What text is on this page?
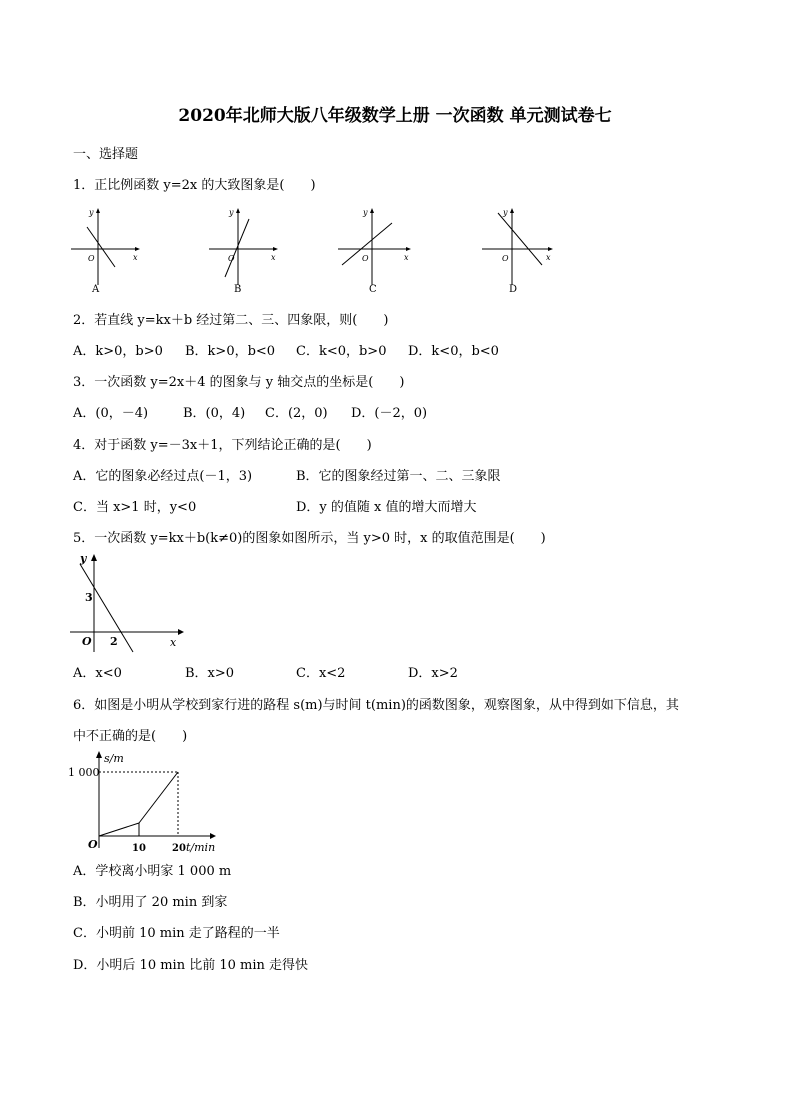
2020年北师大版八年级数学上册 一次函数 单元测试卷七
一、选择题
1．正比例函数 y=2x 的大致图象是(　　)
y
x
O
A
y
x
O
B
y
x
O
C
y
x
O
D
2．若直线 y=kx＋b 经过第二、三、四象限，则(　　)
A．k>0，b>0 B．k>0，b<0 C．k<0，b>0 D．k<0，b<0
3．一次函数 y=2x＋4 的图象与 y 轴交点的坐标是(　　)
A．(0，－4)	B．(0，4) C．(2，0) D．(－2，0)
4．对于函数 y=－3x＋1，下列结论正确的是(　　)
A．它的图象必经过点(－1，3)	B．它的图象经过第一、二、三象限
C．当 x>1 时，y<0	D．y 的值随 x 值的增大而增大
5．一次函数 y=kx＋b(k≠0)的图象如图所示，当 y>0 时，x 的取值范围是(　　)
y
x
O
3
2
A．x<0	B．x>0	C．x<2	D．x>2
6．如图是小明从学校到家行进的路程 s(m)与时间 t(min)的函数图象，观察图象，从中得到如下信息，其
中不正确的是(　　)
s/m
1 000
O	10	20 t/min
A．学校离小明家 1 000 m
B．小明用了 20 min 到家
C．小明前 10 min 走了路程的一半
D．小明后 10 min 比前 10 min 走得快
